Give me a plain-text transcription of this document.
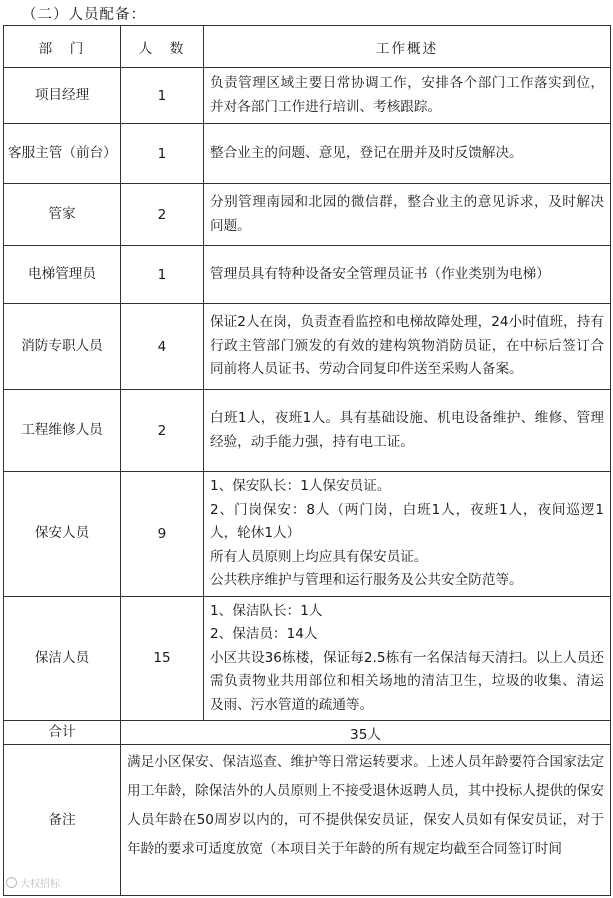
（二）人员配备：
部　门	人　数	工作概述
项目经理	1	负责管理区域主要日常协调工作，安排各个部门工作落实到位，并对各部门工作进行培训、考核跟踪。

客服主管（前台）	1	整合业主的问题、意见，登记在册并及时反馈解决。

管家	2	分别管理南园和北园的微信群，整合业主的意见诉求，及时解决问题。

电梯管理员	1	管理员具有特种设备安全管理员证书（作业类别为电梯）

消防专职人员	4	保证2人在岗，负责查看监控和电梯故障处理，24小时值班，持有行政主管部门颁发的有效的建构筑物消防员证，在中标后签订合同前将人员证书、劳动合同复印件送至采购人备案。

工程维修人员	2	白班1人，夜班1人。具有基础设施、机电设备维护、维修、管理经验，动手能力强，持有电工证。

保安人员	9	1、保安队长：1人保安员证。
2、门岗保安：8人（两门岗，白班1人，夜班1人，夜间巡逻1人，轮休1人）
所有人员原则上均应具有保安员证。
公共秩序维护与管理和运行服务及公共安全防范等。

保洁人员	15	1、保洁队长：1人
2、保洁员：14人
小区共设36栋楼，保证每2.5栋有一名保洁每天清扫。以上人员还需负责物业共用部位和相关场地的清洁卫生，垃圾的收集、清运及雨、污水管道的疏通等。

合计	35人	
备注	满足小区保安、保洁巡查、维护等日常运转要求。上述人员年龄要符合国家法定用工年龄，除保洁外的人员原则上不接受退休返聘人员，其中投标人提供的保安人员年龄在50周岁以内的，可不提供保安员证，保安人员如有保安员证，对于年龄的要求可适度放宽（本项目关于年龄的所有规定均截至合同签订时间	
大权招标
